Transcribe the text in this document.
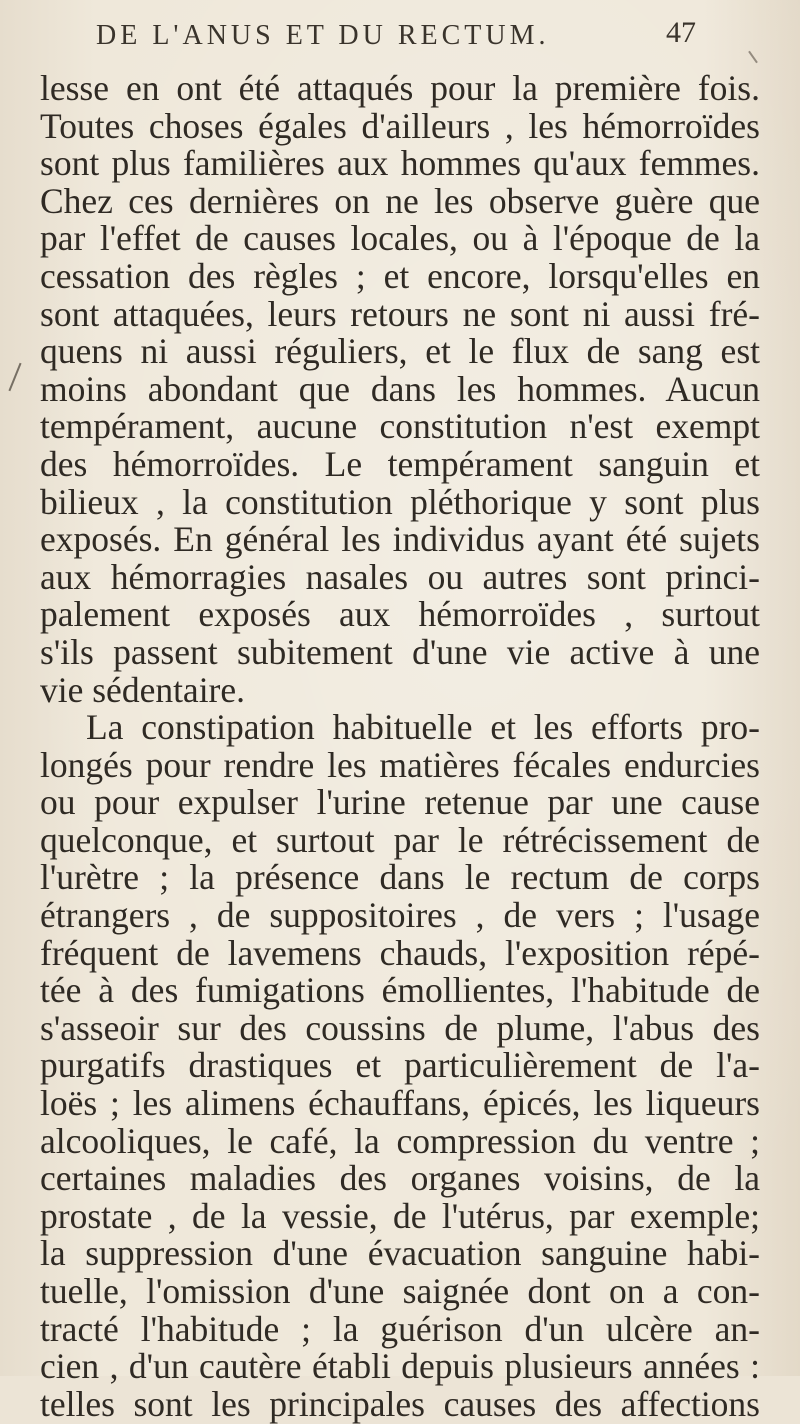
DE L'ANUS ET DU RECTUM.	47
lesse en ont été attaqués pour la première fois.
Toutes choses égales d'ailleurs , les hémorroïdes
sont plus familières aux hommes qu'aux femmes.
Chez ces dernières on ne les observe guère que
par l'effet de causes locales, ou à l'époque de la
cessation des règles ; et encore, lorsqu'elles en
sont attaquées, leurs retours ne sont ni aussi fré-
quens ni aussi réguliers, et le flux de sang est
moins abondant que dans les hommes. Aucun
tempérament, aucune constitution n'est exempt
des hémorroïdes. Le tempérament sanguin et
bilieux , la constitution pléthorique y sont plus
exposés. En général les individus ayant été sujets
aux hémorragies nasales ou autres sont princi-
palement exposés aux hémorroïdes , surtout
s'ils passent subitement d'une vie active à une
vie sédentaire.
La constipation habituelle et les efforts pro-
longés pour rendre les matières fécales endurcies
ou pour expulser l'urine retenue par une cause
quelconque, et surtout par le rétrécissement de
l'urètre ; la présence dans le rectum de corps
étrangers , de suppositoires , de vers ; l'usage
fréquent de lavemens chauds, l'exposition répé-
tée à des fumigations émollientes, l'habitude de
s'asseoir sur des coussins de plume, l'abus des
purgatifs drastiques et particulièrement de l'a-
loës ; les alimens échauffans, épicés, les liqueurs
alcooliques, le café, la compression du ventre ;
certaines maladies des organes voisins, de la
prostate , de la vessie, de l'utérus, par exemple;
la suppression d'une évacuation sanguine habi-
tuelle, l'omission d'une saignée dont on a con-
tracté l'habitude ; la guérison d'un ulcère an-
cien , d'un cautère établi depuis plusieurs années :
telles sont les principales causes des affections
